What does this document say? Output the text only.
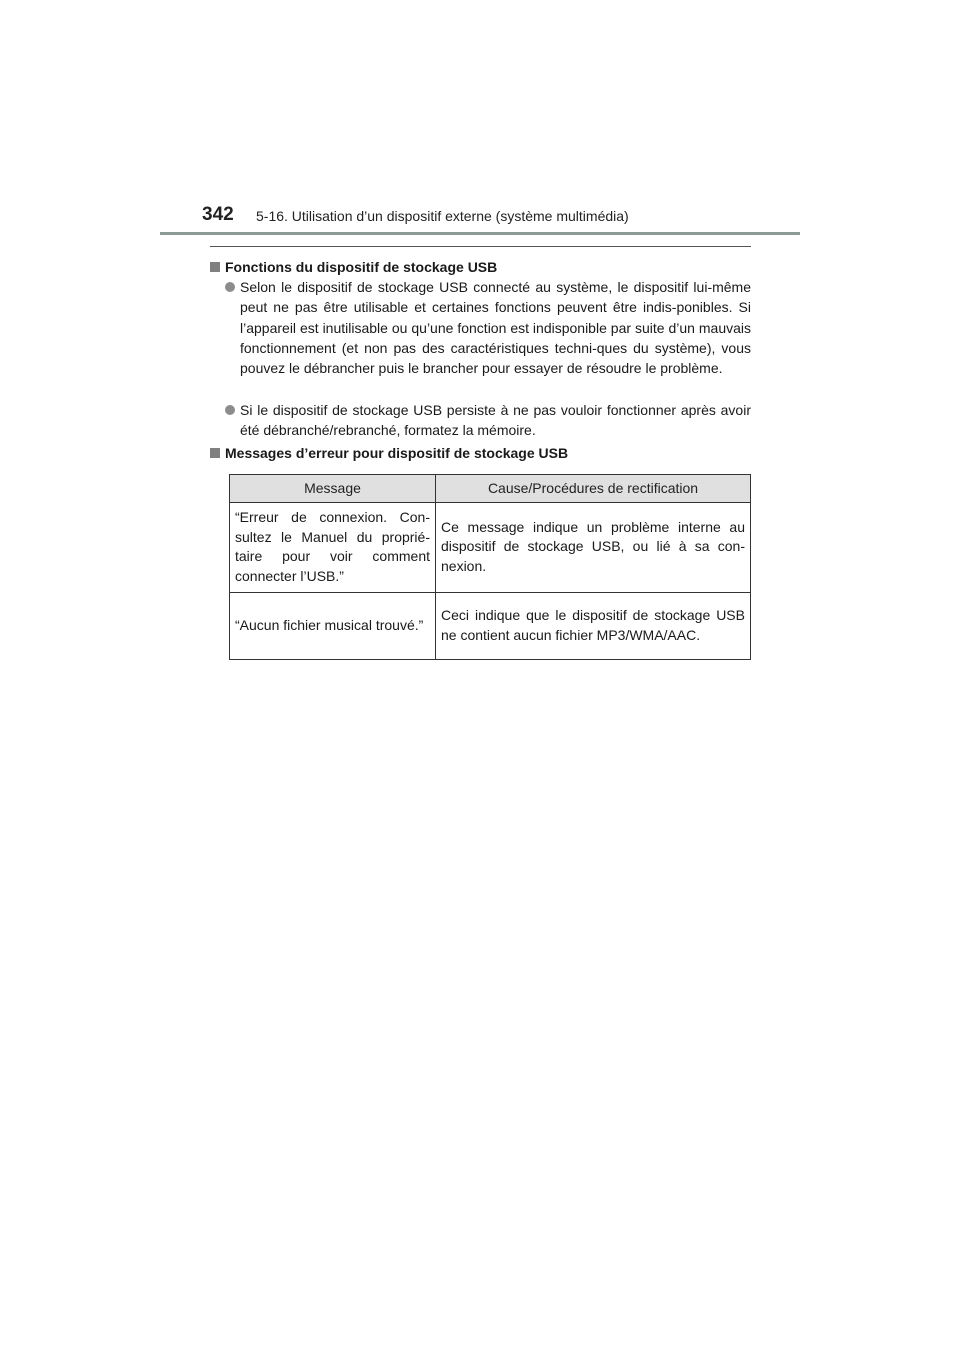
342 5-16. Utilisation d’un dispositif externe (système multimédia)
Fonctions du dispositif de stockage USB
Selon le dispositif de stockage USB connecté au système, le dispositif lui-même peut ne pas être utilisable et certaines fonctions peuvent être indis-ponibles. Si l’appareil est inutilisable ou qu’une fonction est indisponible par suite d’un mauvais fonctionnement (et non pas des caractéristiques techni-ques du système), vous pouvez le débrancher puis le brancher pour essayer de résoudre le problème.
Si le dispositif de stockage USB persiste à ne pas vouloir fonctionner après avoir été débranché/rebranché, formatez la mémoire.
Messages d’erreur pour dispositif de stockage USB
Message	Cause/Procédures de rectification
“Erreur de connexion. Con-sultez le Manuel du proprié-taire pour voir comment connecter l’USB.”	Ce message indique un problème interne au dispositif de stockage USB, ou lié à sa con-nexion.
“Aucun fichier musical trouvé.”	Ceci indique que le dispositif de stockage USB ne contient aucun fichier MP3/WMA/AAC.
